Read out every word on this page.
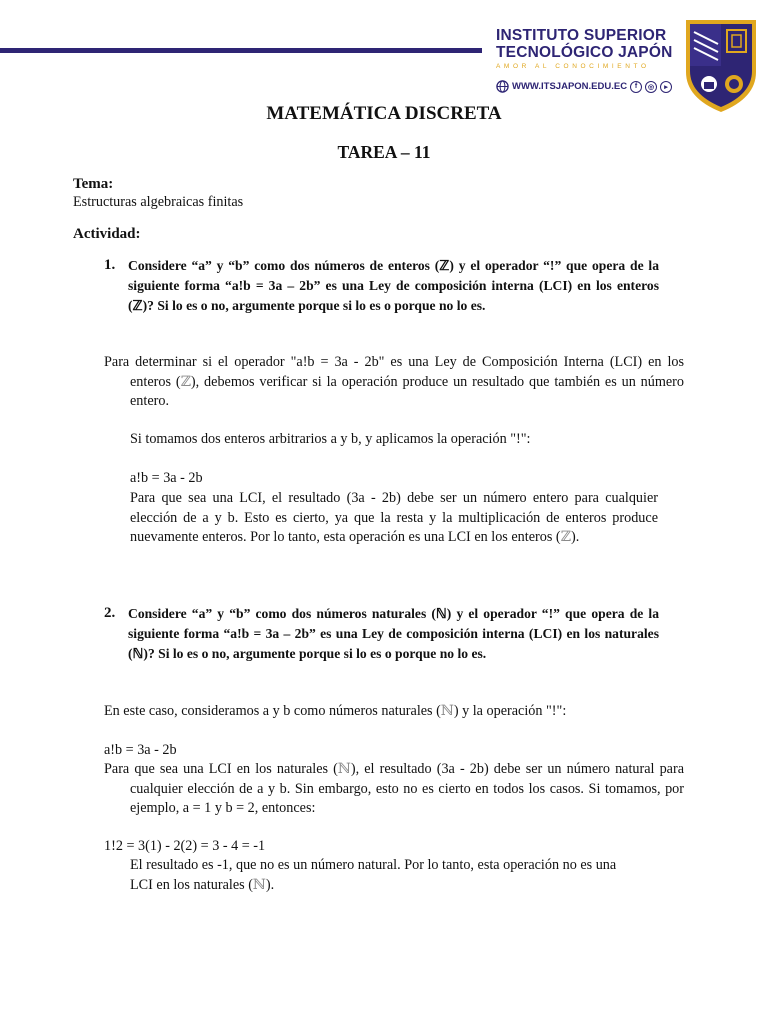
INSTITUTO SUPERIOR
TECNOLÓGICO JAPÓN
AMOR AL CONOCIMIENTO
WWW.ITSJAPON.EDU.EC	f	◎	▸
MATEMÁTICA DISCRETA
TAREA – 11
Tema:
Estructuras algebraicas finitas
Actividad:
1. Considere “a” y “b” como dos números de enteros (ℤ) y el operador “!” que opera de la siguiente forma “a!b = 3a – 2b” es una Ley de composición interna (LCI) en los enteros (ℤ)? Si lo es o no, argumente porque si lo es o porque no lo es.
Para determinar si el operador "a!b = 3a - 2b" es una Ley de Composición Interna (LCI) en los enteros (ℤ), debemos verificar si la operación produce un resultado que también es un número entero.
Si tomamos dos enteros arbitrarios a y b, y aplicamos la operación "!":
a!b = 3a - 2b
Para que sea una LCI, el resultado (3a - 2b) debe ser un número entero para cualquier elección de a y b. Esto es cierto, ya que la resta y la multiplicación de enteros produce nuevamente enteros. Por lo tanto, esta operación es una LCI en los enteros (ℤ).
2. Considere “a” y “b” como dos números naturales (ℕ) y el operador “!” que opera de la siguiente forma “a!b = 3a – 2b” es una Ley de composición interna (LCI) en los naturales (ℕ)? Si lo es o no, argumente porque si lo es o porque no lo es.
En este caso, consideramos a y b como números naturales (ℕ) y la operación "!":
a!b = 3a - 2b
Para que sea una LCI en los naturales (ℕ), el resultado (3a - 2b) debe ser un número natural para cualquier elección de a y b. Sin embargo, esto no es cierto en todos los casos. Si tomamos, por ejemplo, a = 1 y b = 2, entonces:
1!2 = 3(1) - 2(2) = 3 - 4 = -1
El resultado es -1, que no es un número natural. Por lo tanto, esta operación no es una LCI en los naturales (ℕ).
